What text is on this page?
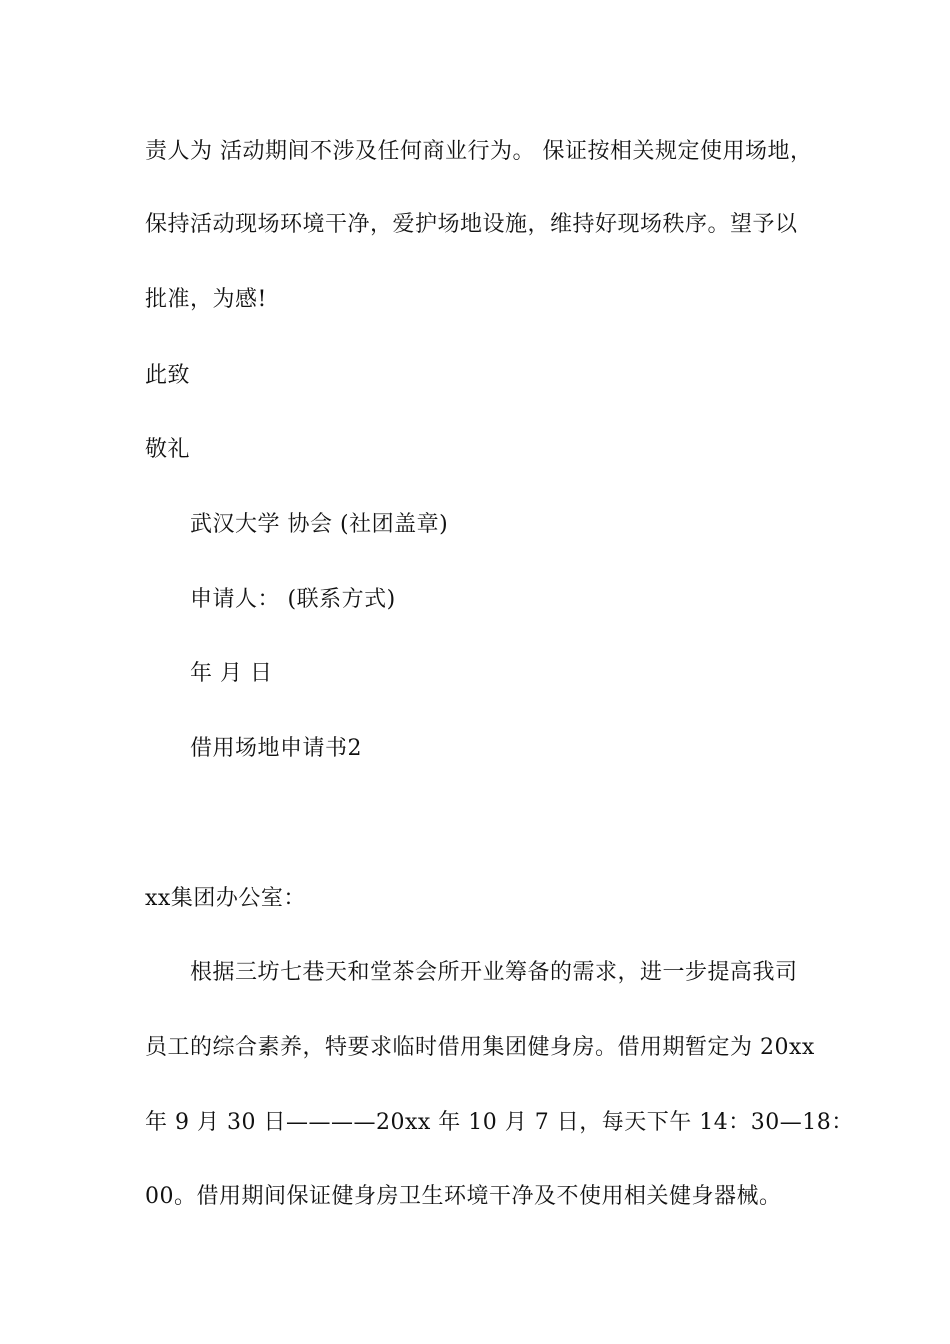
责人为 活动期间不涉及任何商业行为。 保证按相关规定使用场地，
保持活动现场环境干净，爱护场地设施，维持好现场秩序。望予以
批准，为感!
此致
敬礼
武汉大学 协会 (社团盖章)
申请人： (联系方式)
年 月 日
借用场地申请书2
xx集团办公室：
根据三坊七巷天和堂茶会所开业筹备的需求，进一步提高我司
员工的综合素养，特要求临时借用集团健身房。借用期暂定为 20xx
年 9 月 30 日————20xx 年 10 月 7 日，每天下午 14：30—18：
00。借用期间保证健身房卫生环境干净及不使用相关健身器械。
